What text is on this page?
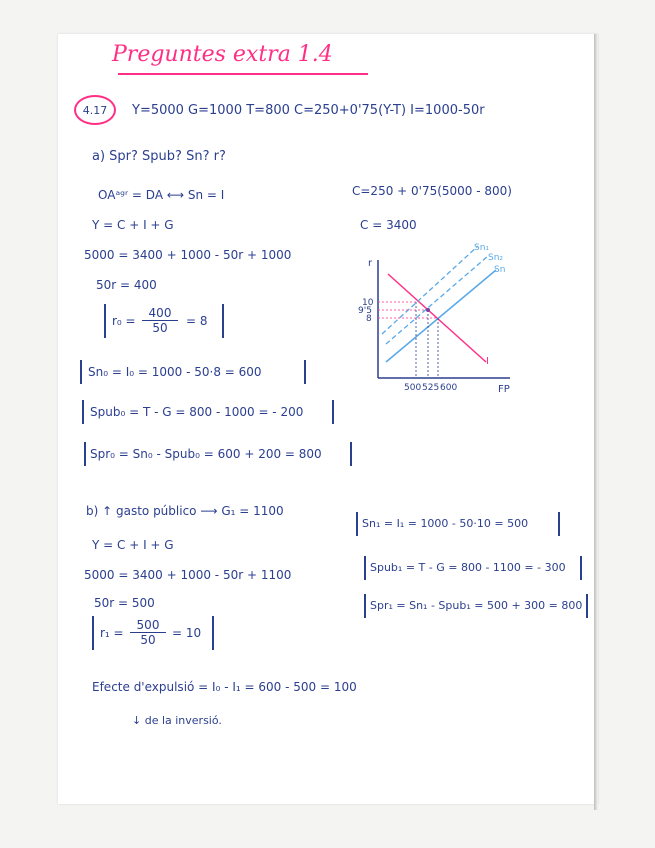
Preguntes extra 1.4
4.17 Y=5000 G=1000 T=800 C=250+0'75(Y-T) I=1000-50r
a) Spr? Spub? Sn? r?
OAᵃᵍʳ = DA ⟷ Sn = I
Y = C + I + G
5000 = 3400 + 1000 - 50r + 1000
50r = 400
C=250 + 0'75(5000 - 800)
C = 3400
$r_0 = \frac{400}{50} = 8$
Sn₀ = I₀ = 1000 - 50·8 = 600
Spub₀ = T - G = 800 - 1000 = - 200
Spr₀ = Sn₀ - Spub₀ = 600 + 200 = 800
r
FP
10
9'5
8
500 525 600
Sn₁
Sn₂
Sn
I
b) ↑ gasto público ⟶ G₁ = 1100
Y = C + I + G
5000 = 3400 + 1000 - 50r + 1100
50r = 500
$r_1 = \frac{500}{50} = 10$
Sn₁ = I₁ = 1000 - 50·10 = 500
Spub₁ = T - G = 800 - 1100 = - 300
Spr₁ = Sn₁ - Spub₁ = 500 + 300 = 800
Efecte d'expulsió = I₀ - I₁ = 600 - 500 = 100
↓ de la inversió.
